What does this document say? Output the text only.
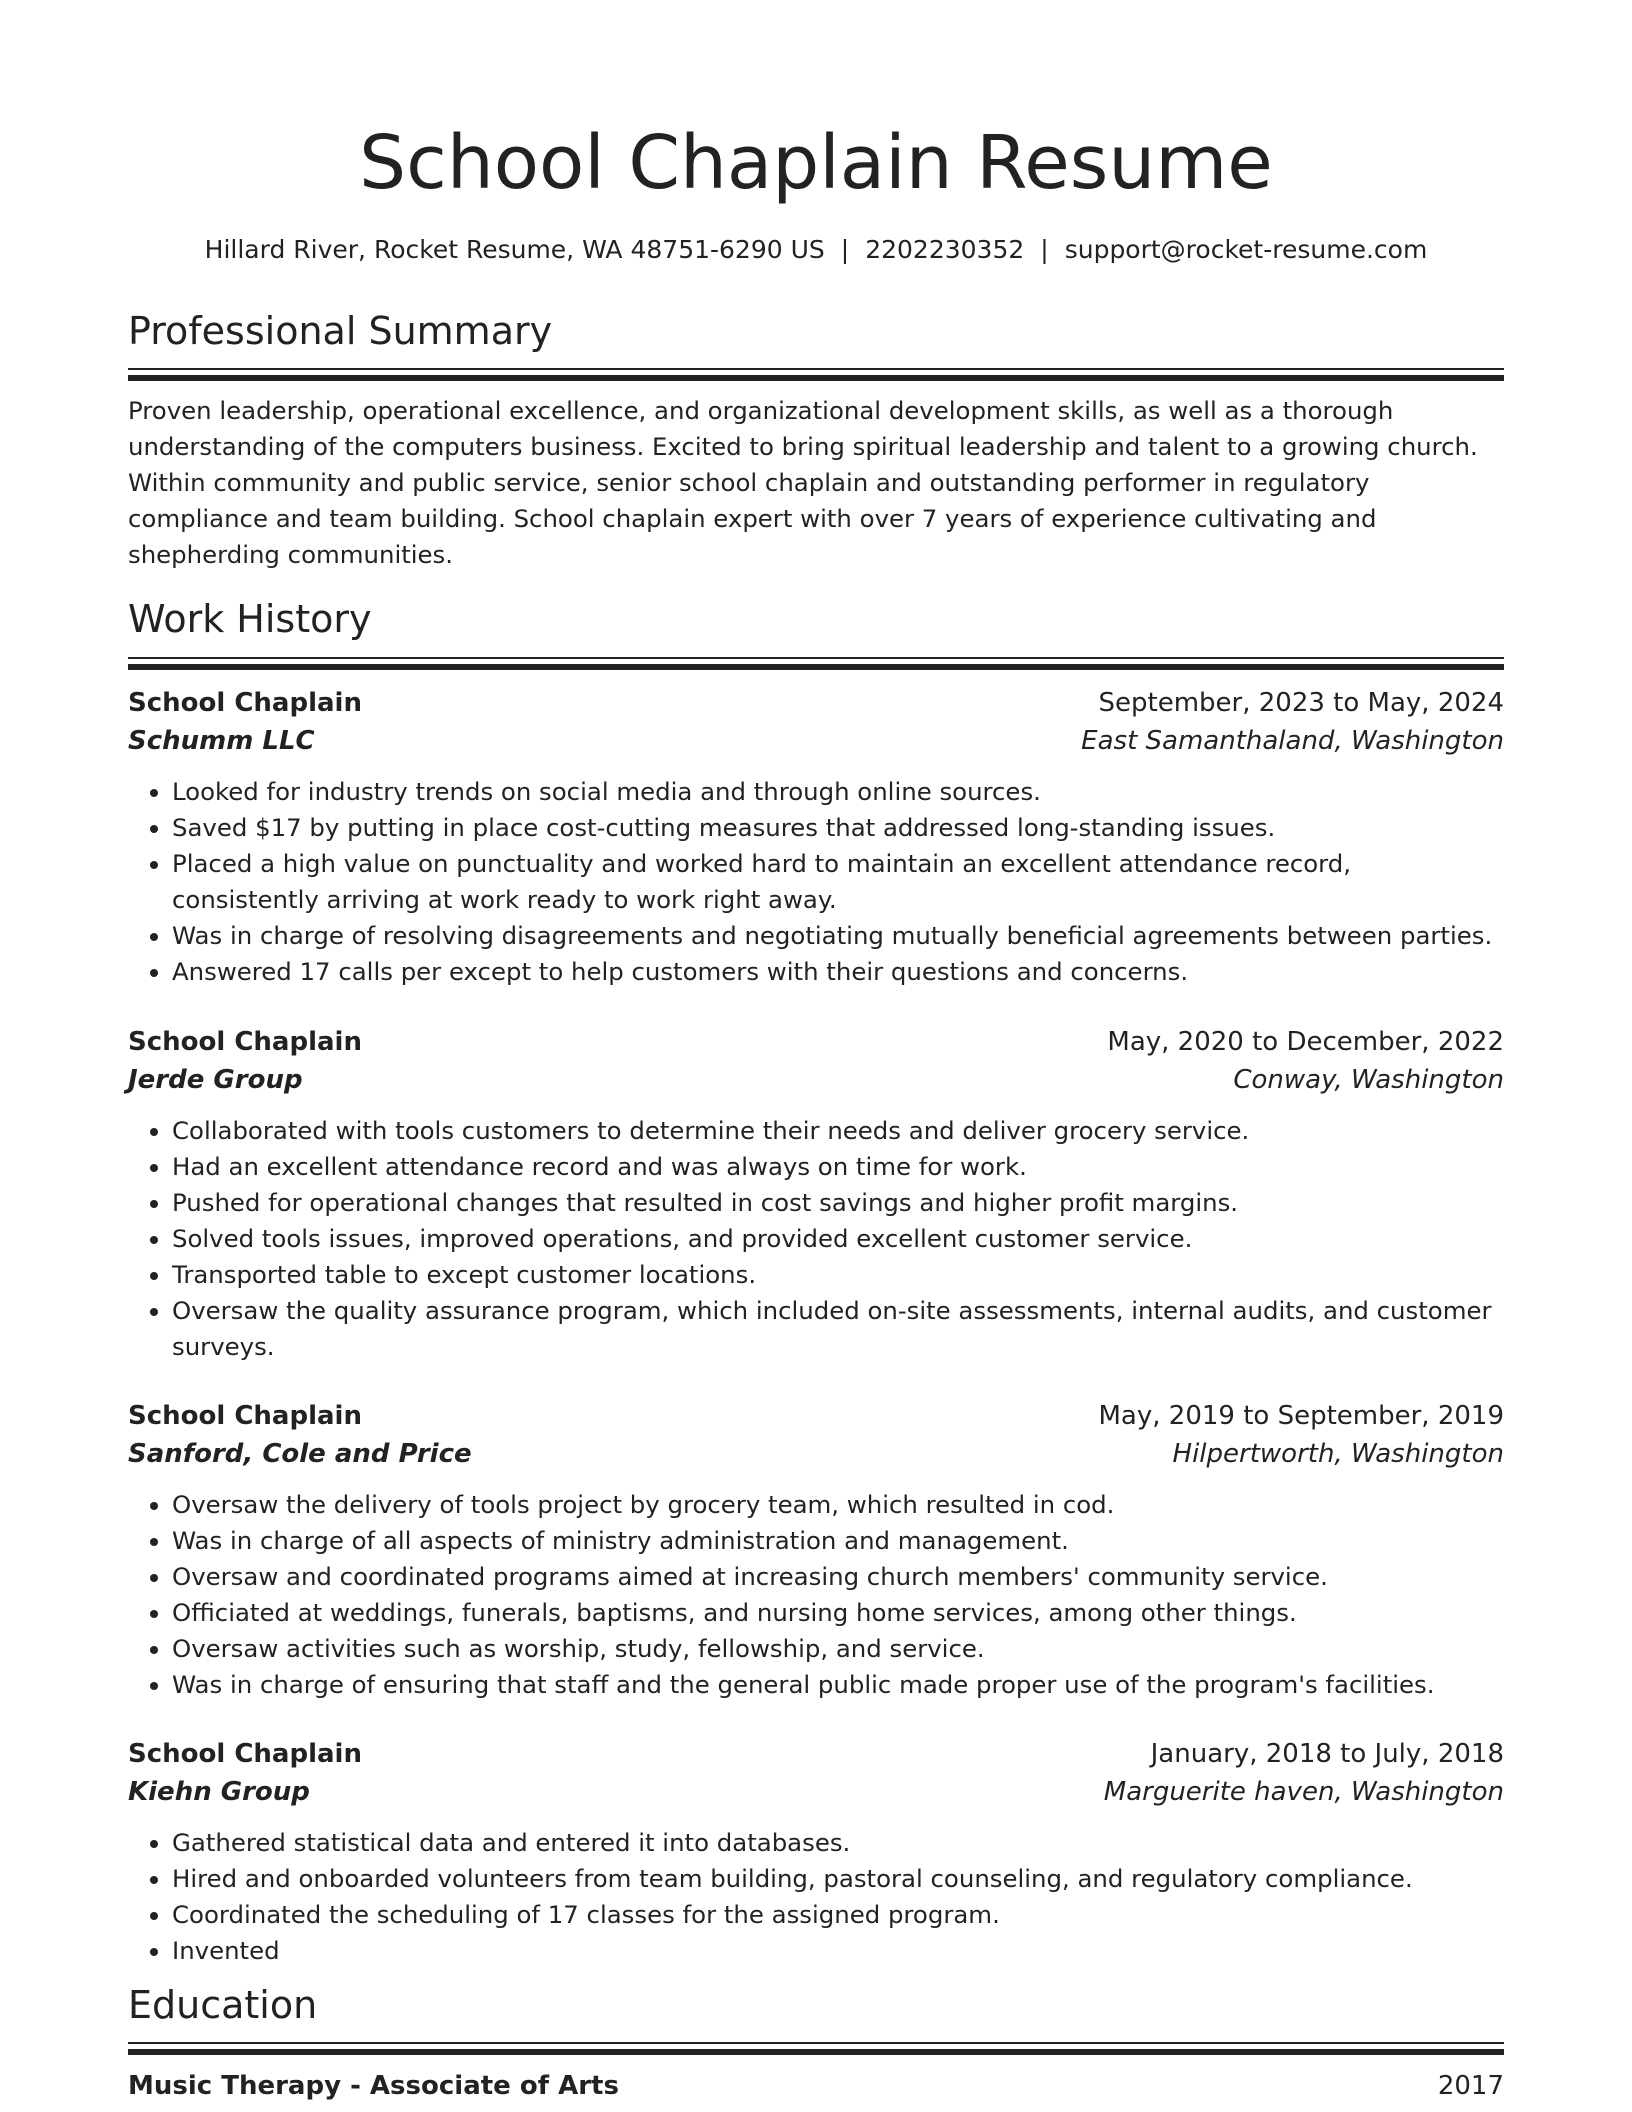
School Chaplain Resume
Hillard River, Rocket Resume, WA 48751-6290 US | 2202230352 | support@rocket-resume.com
Professional Summary
Proven leadership, operational excellence, and organizational development skills, as well as a thorough understanding of the computers business. Excited to bring spiritual leadership and talent to a growing church. Within community and public service, senior school chaplain and outstanding performer in regulatory compliance and team building. School chaplain expert with over 7 years of experience cultivating and shepherding communities.
Work History
School Chaplain	September, 2023 to May, 2024
Schumm LLC	East Samanthaland, Washington
• Looked for industry trends on social media and through online sources.
• Saved $17 by putting in place cost-cutting measures that addressed long-standing issues.
• Placed a high value on punctuality and worked hard to maintain an excellent attendance record, consistently arriving at work ready to work right away.
• Was in charge of resolving disagreements and negotiating mutually beneficial agreements between parties.
• Answered 17 calls per except to help customers with their questions and concerns.
School Chaplain	May, 2020 to December, 2022
Jerde Group	Conway, Washington
• Collaborated with tools customers to determine their needs and deliver grocery service.
• Had an excellent attendance record and was always on time for work.
• Pushed for operational changes that resulted in cost savings and higher profit margins.
• Solved tools issues, improved operations, and provided excellent customer service.
• Transported table to except customer locations.
• Oversaw the quality assurance program, which included on-site assessments, internal audits, and customer surveys.
School Chaplain	May, 2019 to September, 2019
Sanford, Cole and Price	Hilpertworth, Washington
• Oversaw the delivery of tools project by grocery team, which resulted in cod.
• Was in charge of all aspects of ministry administration and management.
• Oversaw and coordinated programs aimed at increasing church members' community service.
• Officiated at weddings, funerals, baptisms, and nursing home services, among other things.
• Oversaw activities such as worship, study, fellowship, and service.
• Was in charge of ensuring that staff and the general public made proper use of the program's facilities.
School Chaplain	January, 2018 to July, 2018
Kiehn Group	Marguerite haven, Washington
• Gathered statistical data and entered it into databases.
• Hired and onboarded volunteers from team building, pastoral counseling, and regulatory compliance.
• Coordinated the scheduling of 17 classes for the assigned program.
• Invented
Education
Music Therapy - Associate of Arts	2017
